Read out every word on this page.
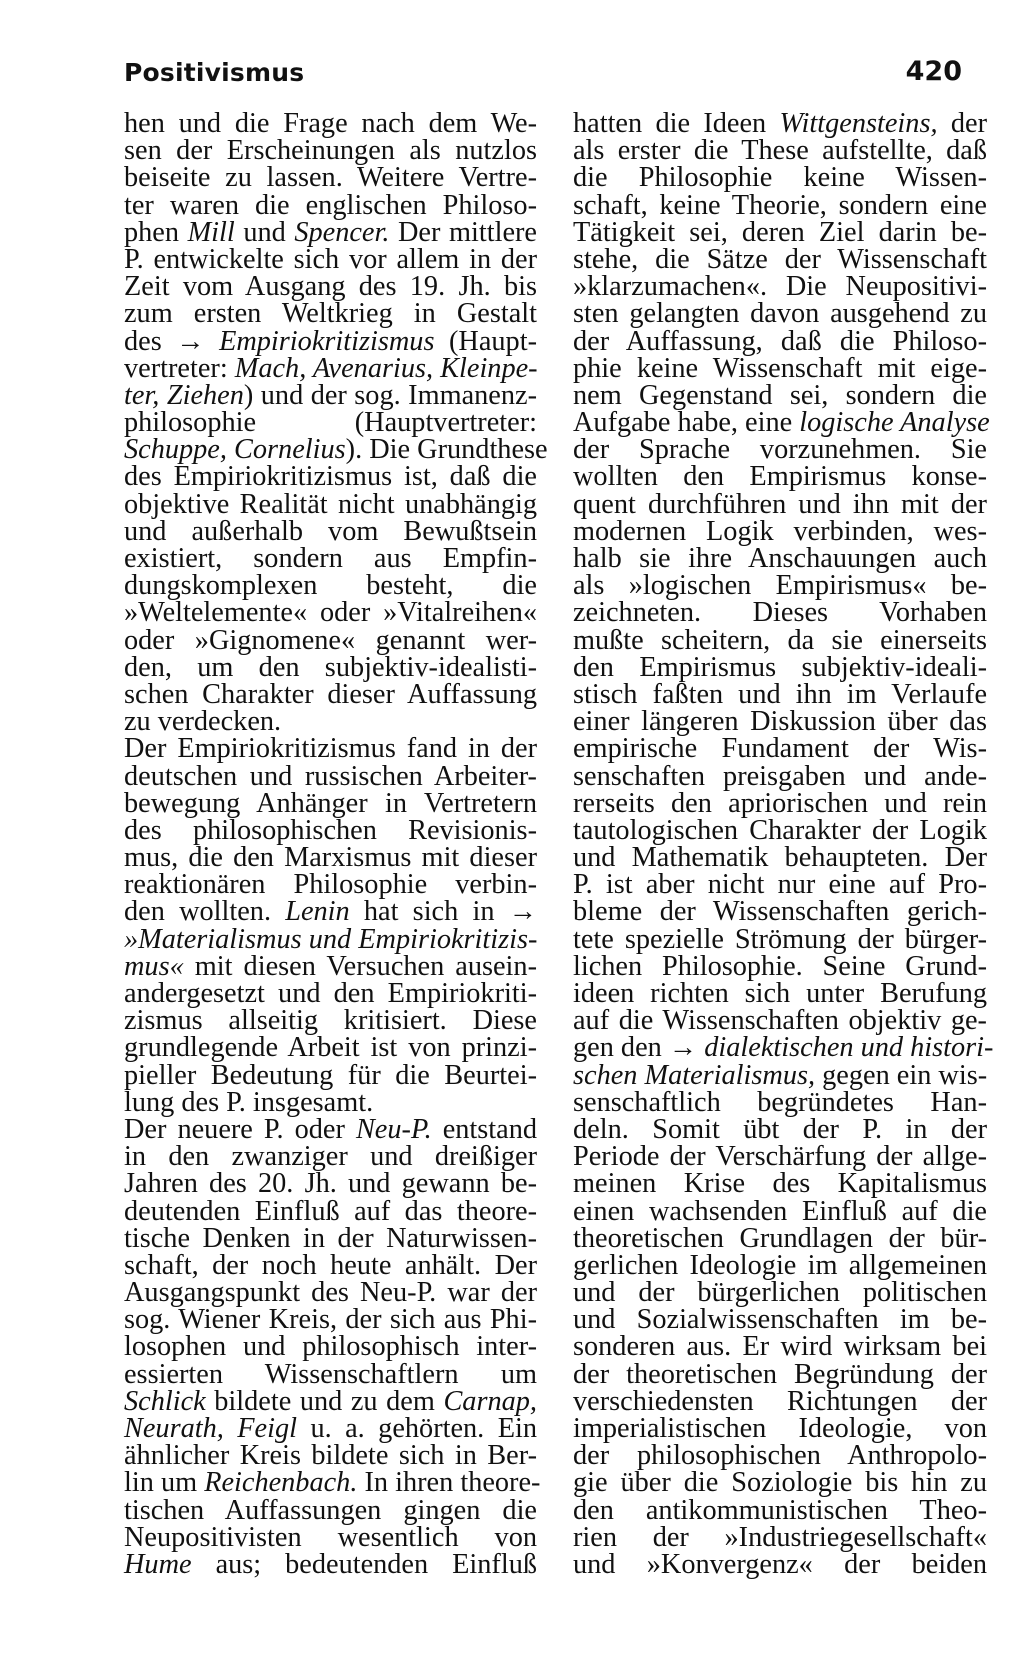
Positivismus	420
hen und die Frage nach dem We-
sen der Erscheinungen als nutzlos
beiseite zu lassen. Weitere Vertre-
ter waren die englischen Philoso-
phen Mill und Spencer. Der mittlere
P. entwickelte sich vor allem in der
Zeit vom Ausgang des 19. Jh. bis
zum ersten Weltkrieg in Gestalt
des → Empiriokritizismus (Haupt-
vertreter: Mach, Avenarius, Kleinpe-
ter, Ziehen) und der sog. Immanenz-
philosophie (Hauptvertreter:
Schuppe, Cornelius). Die Grundthese
des Empiriokritizismus ist, daß die
objektive Realität nicht unabhängig
und außerhalb vom Bewußtsein
existiert, sondern aus Empfin-
dungskomplexen besteht, die
»Weltelemente« oder »Vitalreihen«
oder »Gignomene« genannt wer-
den, um den subjektiv-idealisti-
schen Charakter dieser Auffassung
zu verdecken.
Der Empiriokritizismus fand in der
deutschen und russischen Arbeiter-
bewegung Anhänger in Vertretern
des philosophischen Revisionis-
mus, die den Marxismus mit dieser
reaktionären Philosophie verbin-
den wollten. Lenin hat sich in →
»Materialismus und Empiriokritizis-
mus« mit diesen Versuchen ausein-
andergesetzt und den Empiriokriti-
zismus allseitig kritisiert. Diese
grundlegende Arbeit ist von prinzi-
pieller Bedeutung für die Beurtei-
lung des P. insgesamt.
Der neuere P. oder Neu-P. entstand
in den zwanziger und dreißiger
Jahren des 20. Jh. und gewann be-
deutenden Einfluß auf das theore-
tische Denken in der Naturwissen-
schaft, der noch heute anhält. Der
Ausgangspunkt des Neu-P. war der
sog. Wiener Kreis, der sich aus Phi-
losophen und philosophisch inter-
essierten Wissenschaftlern um
Schlick bildete und zu dem Carnap,
Neurath, Feigl u. a. gehörten. Ein
ähnlicher Kreis bildete sich in Ber-
lin um Reichenbach. In ihren theore-
tischen Auffassungen gingen die
Neupositivisten wesentlich von
Hume aus; bedeutenden Einfluß
hatten die Ideen Wittgensteins, der
als erster die These aufstellte, daß
die Philosophie keine Wissen-
schaft, keine Theorie, sondern eine
Tätigkeit sei, deren Ziel darin be-
stehe, die Sätze der Wissenschaft
»klarzumachen«. Die Neupositivi-
sten gelangten davon ausgehend zu
der Auffassung, daß die Philoso-
phie keine Wissenschaft mit eige-
nem Gegenstand sei, sondern die
Aufgabe habe, eine logische Analyse
der Sprache vorzunehmen. Sie
wollten den Empirismus konse-
quent durchführen und ihn mit der
modernen Logik verbinden, wes-
halb sie ihre Anschauungen auch
als »logischen Empirismus« be-
zeichneten. Dieses Vorhaben
mußte scheitern, da sie einerseits
den Empirismus subjektiv-ideali-
stisch faßten und ihn im Verlaufe
einer längeren Diskussion über das
empirische Fundament der Wis-
senschaften preisgaben und ande-
rerseits den apriorischen und rein
tautologischen Charakter der Logik
und Mathematik behaupteten. Der
P. ist aber nicht nur eine auf Pro-
bleme der Wissenschaften gerich-
tete spezielle Strömung der bürger-
lichen Philosophie. Seine Grund-
ideen richten sich unter Berufung
auf die Wissenschaften objektiv ge-
gen den → dialektischen und histori-
schen Materialismus, gegen ein wis-
senschaftlich begründetes Han-
deln. Somit übt der P. in der
Periode der Verschärfung der allge-
meinen Krise des Kapitalismus
einen wachsenden Einfluß auf die
theoretischen Grundlagen der bür-
gerlichen Ideologie im allgemeinen
und der bürgerlichen politischen
und Sozialwissenschaften im be-
sonderen aus. Er wird wirksam bei
der theoretischen Begründung der
verschiedensten Richtungen der
imperialistischen Ideologie, von
der philosophischen Anthropolo-
gie über die Soziologie bis hin zu
den antikommunistischen Theo-
rien der »Industriegesellschaft«
und »Konvergenz« der beiden
